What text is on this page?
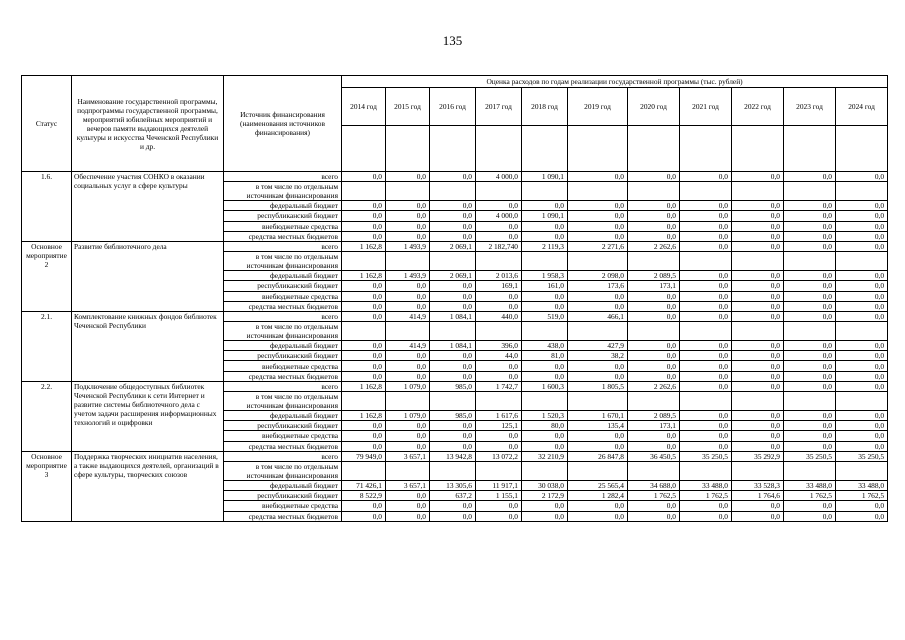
135
Статус	Наименование государственной программы, подпрограммы государственной программы, мероприятий юбилейных мероприятий и вечеров памяти выдающихся деятелей культуры и искусства Чеченской Республики и др.	Источник финансирования (наименования источников финансирования)	Оценка расходов по годам реализации государственной программы (тыс. рублей)										
			2014 год	2015 год	2016 год	2017 год	2018 год	2019 год	2020 год	2021 год	2022 год	2023 год	2024 год

1.6.	Обеспечение участия СОНКО в оказании социальных услуг в сфере культуры	всего	0,0	0,0	0,0	4 000,0	1 090,1	0,0	0,0	0,0	0,0	0,0	0,0
		в том числе по отдельным источникам финансирования											
		федеральный бюджет	0,0	0,0	0,0	0,0	0,0	0,0	0,0	0,0	0,0	0,0	0,0
		республиканский бюджет	0,0	0,0	0,0	4 000,0	1 090,1	0,0	0,0	0,0	0,0	0,0	0,0
		внебюджетные средства	0,0	0,0	0,0	0,0	0,0	0,0	0,0	0,0	0,0	0,0	0,0
		средства местных бюджетов	0,0	0,0	0,0	0,0	0,0	0,0	0,0	0,0	0,0	0,0	0,0
Основное мероприятие 2	Развитие библиотечного дела	всего	1 162,8	1 493,9	2 069,1	2 182,740	2 119,3	2 271,6	2 262,6	0,0	0,0	0,0	0,0
		в том числе по отдельным источникам финансирования											
		федеральный бюджет	1 162,8	1 493,9	2 069,1	2 013,6	1 958,3	2 098,0	2 089,5	0,0	0,0	0,0	0,0
		республиканский бюджет	0,0	0,0	0,0	169,1	161,0	173,6	173,1	0,0	0,0	0,0	0,0
		внебюджетные средства	0,0	0,0	0,0	0,0	0,0	0,0	0,0	0,0	0,0	0,0	0,0
		средства местных бюджетов	0,0	0,0	0,0	0,0	0,0	0,0	0,0	0,0	0,0	0,0	0,0
2.1.	Комплектование книжных фондов библиотек Чеченской Республики	всего	0,0	414,9	1 084,1	440,0	519,0	466,1	0,0	0,0	0,0	0,0	0,0
		в том числе по отдельным источникам финансирования											
		федеральный бюджет	0,0	414,9	1 084,1	396,0	438,0	427,9	0,0	0,0	0,0	0,0	0,0
		республиканский бюджет	0,0	0,0	0,0	44,0	81,0	38,2	0,0	0,0	0,0	0,0	0,0
		внебюджетные средства	0,0	0,0	0,0	0,0	0,0	0,0	0,0	0,0	0,0	0,0	0,0
		средства местных бюджетов	0,0	0,0	0,0	0,0	0,0	0,0	0,0	0,0	0,0	0,0	0,0
2.2.	Подключение общедоступных библиотек Чеченской Республики к сети Интернет и развитие системы библиотечного дела с учетом задачи расширения информационных технологий и оцифровки	всего	1 162,8	1 079,0	985,0	1 742,7	1 600,3	1 805,5	2 262,6	0,0	0,0	0,0	0,0
		в том числе по отдельным источникам финансирования											
		федеральный бюджет	1 162,8	1 079,0	985,0	1 617,6	1 520,3	1 670,1	2 089,5	0,0	0,0	0,0	0,0
		республиканский бюджет	0,0	0,0	0,0	125,1	80,0	135,4	173,1	0,0	0,0	0,0	0,0
		внебюджетные средства	0,0	0,0	0,0	0,0	0,0	0,0	0,0	0,0	0,0	0,0	0,0
		средства местных бюджетов	0,0	0,0	0,0	0,0	0,0	0,0	0,0	0,0	0,0	0,0	0,0
Основное мероприятие 3	Поддержка творческих инициатив населения, а также выдающихся деятелей, организаций в сфере культуры, творческих союзов	всего	79 949,0	3 657,1	13 942,8	13 072,2	32 210,9	26 847,8	36 450,5	35 250,5	35 292,9	35 250,5	35 250,5
		в том числе по отдельным источникам финансирования											
		федеральный бюджет	71 426,1	3 657,1	13 305,6	11 917,1	30 038,0	25 565,4	34 688,0	33 488,0	33 528,3	33 488,0	33 488,0
		республиканский бюджет	8 522,9	0,0	637,2	1 155,1	2 172,9	1 282,4	1 762,5	1 762,5	1 764,6	1 762,5	1 762,5
		внебюджетные средства	0,0	0,0	0,0	0,0	0,0	0,0	0,0	0,0	0,0	0,0	0,0
		средства местных бюджетов	0,0	0,0	0,0	0,0	0,0	0,0	0,0	0,0	0,0	0,0	0,0
